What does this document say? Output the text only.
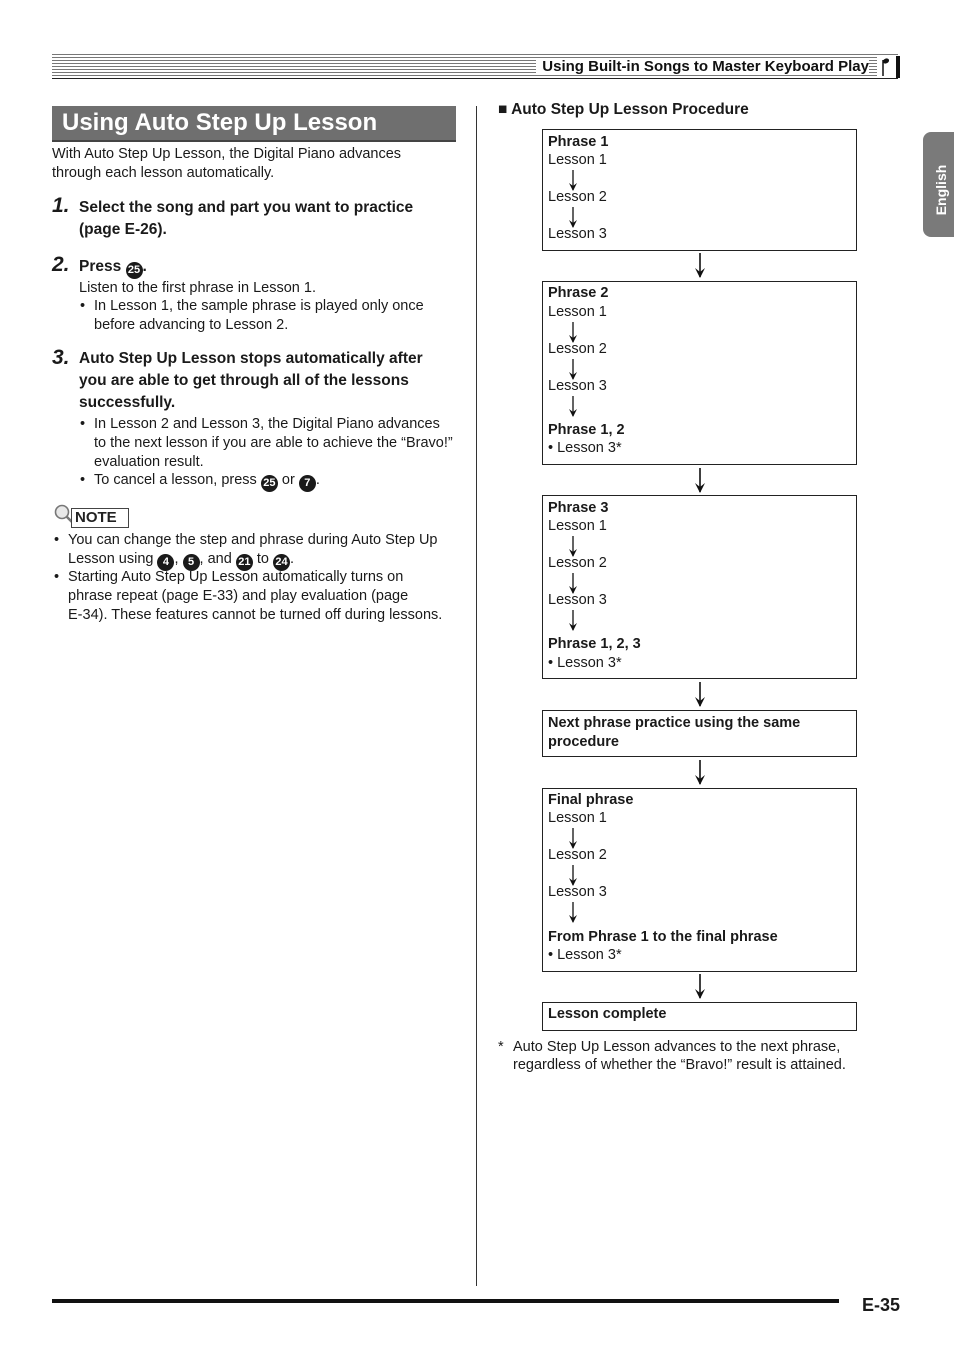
Using Built-in Songs to Master Keyboard Play
English
Using Auto Step Up Lesson
With Auto Step Up Lesson, the Digital Piano advances
through each lesson automatically.
1. Select the song and part you want to practice
(page E-26).
2. Press 25 .
Listen to the first phrase in Lesson 1.
• In Lesson 1, the sample phrase is played only once
before advancing to Lesson 2.
3. Auto Step Up Lesson stops automatically after
you are able to get through all of the lessons
successfully.
• In Lesson 2 and Lesson 3, the Digital Piano advances
to the next lesson if you are able to achieve the “Bravo!”
evaluation result.
• To cancel a lesson, press 25 or 7 .
NOTE
• You can change the step and phrase during Auto Step Up
Lesson using 4 , 5 , and 21 to 24 .
• Starting Auto Step Up Lesson automatically turns on
phrase repeat (page E-33) and play evaluation (page
E-34). These features cannot be turned off during lessons.
■ Auto Step Up Lesson Procedure
Phrase 1
Lesson 1
Lesson 2
Lesson 3
Phrase 2
Lesson 1
Lesson 2
Lesson 3
Phrase 1, 2
• Lesson 3*
Phrase 3
Lesson 1
Lesson 2
Lesson 3
Phrase 1, 2, 3
• Lesson 3*
Next phrase practice using the same
procedure
Final phrase
Lesson 1
Lesson 2
Lesson 3
From Phrase 1 to the final phrase
• Lesson 3*
Lesson complete
* Auto Step Up Lesson advances to the next phrase,
regardless of whether the “Bravo!” result is attained.
E-35
